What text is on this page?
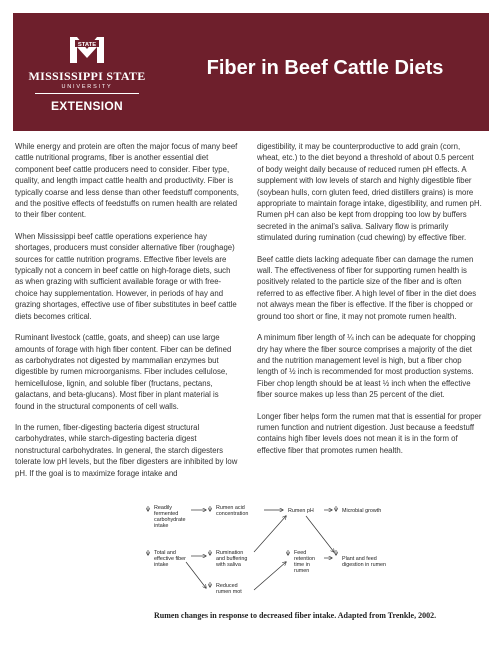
STATE
MISSISSIPPI STATE
UNIVERSITY
EXTENSION
Fiber in Beef Cattle Diets

While energy and protein are often the major focus of many beef cattle nutritional programs, fiber is another essential diet component beef cattle producers need to consider. Fiber type, quality, and length impact cattle health and productivity. Fiber is typically coarse and less dense than other feedstuff components, and the positive effects of feedstuffs on rumen health are related to their fiber content.

When Mississippi beef cattle operations experience hay shortages, producers must consider alternative fiber (roughage) sources for cattle nutrition programs. Effective fiber levels are typically not a concern in beef cattle on high-forage diets, such as when grazing with sufficient available forage or with free-choice hay supplementation. However, in periods of hay and grazing shortages, effective use of fiber substitutes in beef cattle diets becomes critical.

Ruminant livestock (cattle, goats, and sheep) can use large amounts of forage with high fiber content. Fiber can be defined as carbohydrates not digested by mammalian enzymes but digestible by rumen microorganisms. Fiber includes cellulose, hemicellulose, lignin, and soluble fiber (fructans, pectans, galactans, and beta-glucans). Most fiber in plant material is found in the structural components of cell walls.

In the rumen, fiber-digesting bacteria digest structural carbohydrates, while starch-digesting bacteria digest nonstructural carbohydrates. In general, the starch digesters tolerate low pH levels, but the fiber digesters are inhibited by low pH. If the goal is to maximize forage intake and

digestibility, it may be counterproductive to add grain (corn, wheat, etc.) to the diet beyond a threshold of about 0.5 percent of body weight daily because of reduced rumen pH effects. A supplement with low levels of starch and highly digestible fiber (soybean hulls, corn gluten feed, dried distillers grains) is more appropriate to maintain forage intake, digestibility, and rumen pH. Rumen pH can also be kept from dropping too low by buffers secreted in the animal’s saliva. Salivary flow is primarily stimulated during rumination (cud chewing) by effective fiber.

Beef cattle diets lacking adequate fiber can damage the rumen wall. The effectiveness of fiber for supporting rumen health is positively related to the particle size of the fiber and is often referred to as effective fiber. A high level of fiber in the diet does not always mean the fiber is effective. If the fiber is chopped or ground too short or fine, it may not promote rumen health.

A minimum fiber length of ¼ inch can be adequate for chopping dry hay where the fiber source comprises a majority of the diet and the nutrition management level is high, but a fiber chop length of ½ inch is recommended for most production systems. Fiber chop length should be at least ½ inch when the effective fiber source makes up less than 25 percent of the diet.

Longer fiber helps form the rumen mat that is essential for proper rumen function and nutrient digestion. Just because a feedstuff contains high fiber levels does not mean it is in the form of effective fiber that promotes rumen health.

Readily fermented carbohydrate intake
Total and effective fiber intake
Rumen acid concentration
Rumination and buffering with saliva
Reduced rumen mot
Rumen pH
Feed retention time in rumen
Microbial growth
Plant and feed digestion in rumen
Rumen changes in response to decreased fiber intake. Adapted from Trenkle, 2002.
